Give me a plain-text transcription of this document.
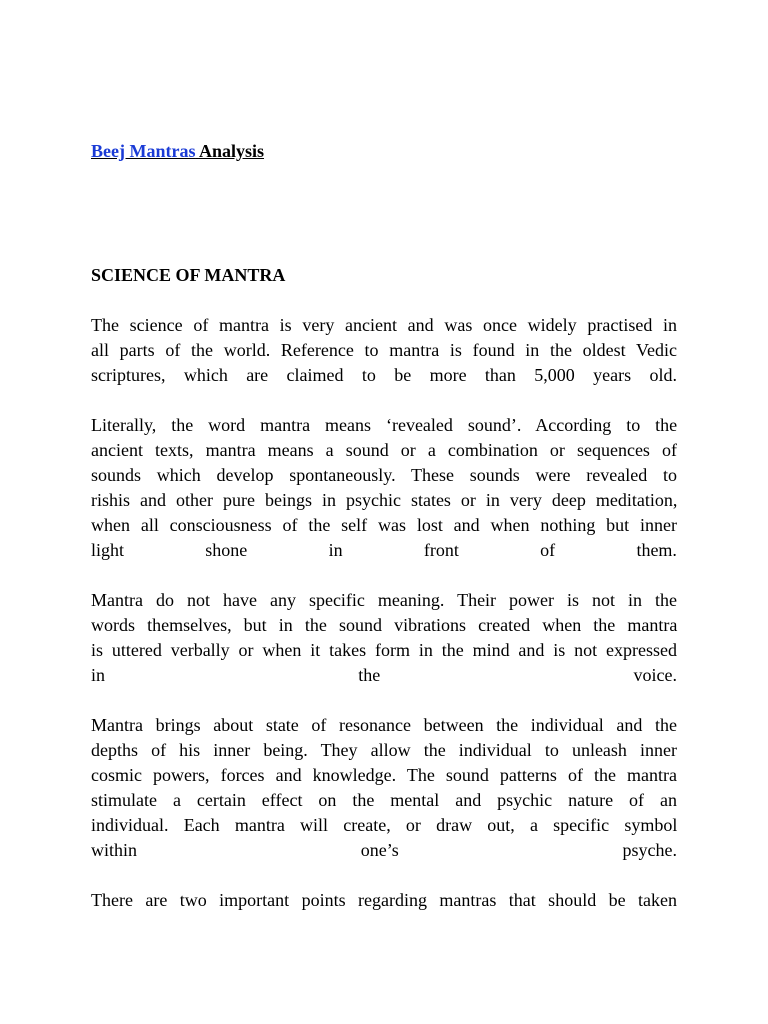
Beej Mantras Analysis
SCIENCE OF MANTRA
The science of mantra is very ancient and was once widely practised in
all parts of the world. Reference to mantra is found in the oldest Vedic
scriptures, which are claimed to be more than 5,000 years old.
Literally, the word mantra means ‘revealed sound’. According to the
ancient texts, mantra means a sound or a combination or sequences of
sounds which develop spontaneously. These sounds were revealed to
rishis and other pure beings in psychic states or in very deep meditation,
when all consciousness of the self was lost and when nothing but inner
light	shone	in	front	of	them.
Mantra do not have any specific meaning. Their power is not in the
words themselves, but in the sound vibrations created when the mantra
is uttered verbally or when it takes form in the mind and is not expressed
in	the	voice.
Mantra brings about state of resonance between the individual and the
depths of his inner being. They allow the individual to unleash inner
cosmic powers, forces and knowledge. The sound patterns of the mantra
stimulate a certain effect on the mental and psychic nature of an
individual. Each mantra will create, or draw out, a specific symbol
within	one’s	psyche.
There are two important points regarding mantras that should be taken
